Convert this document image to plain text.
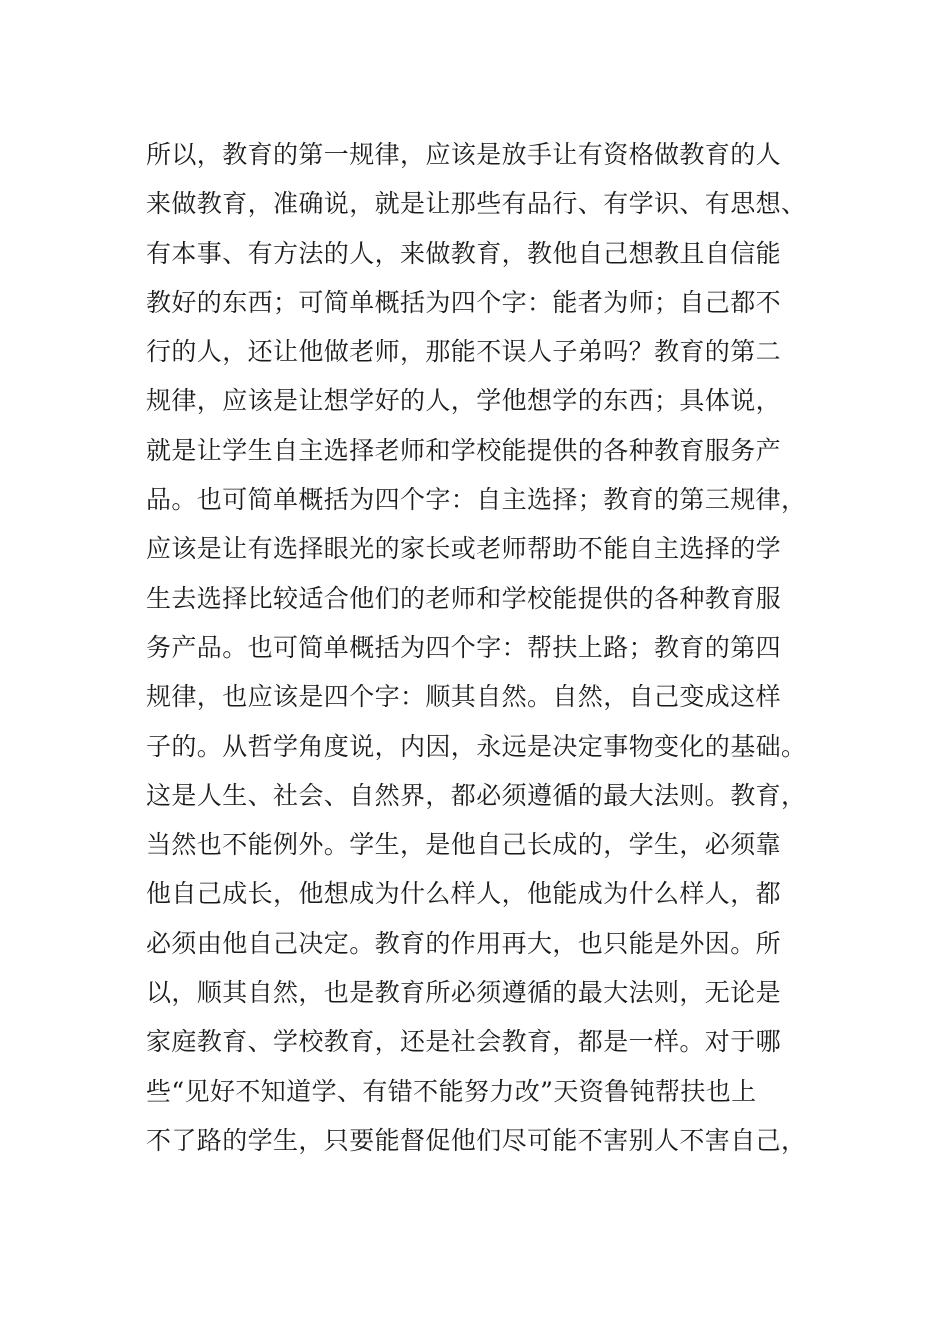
所以，教育的第一规律，应该是放手让有资格做教育的人
来做教育，准确说，就是让那些有品行、有学识、有思想、
有本事、有方法的人，来做教育，教他自己想教且自信能
教好的东西；可简单概括为四个字：能者为师；自己都不
行的人，还让他做老师，那能不误人子弟吗？教育的第二
规律，应该是让想学好的人，学他想学的东西；具体说，
就是让学生自主选择老师和学校能提供的各种教育服务产
品。也可简单概括为四个字：自主选择；教育的第三规律，
应该是让有选择眼光的家长或老师帮助不能自主选择的学
生去选择比较适合他们的老师和学校能提供的各种教育服
务产品。也可简单概括为四个字：帮扶上路；教育的第四
规律，也应该是四个字：顺其自然。自然，自己变成这样
子的。从哲学角度说，内因，永远是决定事物变化的基础。
这是人生、社会、自然界，都必须遵循的最大法则。教育，
当然也不能例外。学生，是他自己长成的，学生，必须靠
他自己成长，他想成为什么样人，他能成为什么样人，都
必须由他自己决定。教育的作用再大，也只能是外因。所
以，顺其自然，也是教育所必须遵循的最大法则，无论是
家庭教育、学校教育，还是社会教育，都是一样。对于哪
些“见好不知道学、有错不能努力改”天资鲁钝帮扶也上
不了路的学生，只要能督促他们尽可能不害别人不害自己，
